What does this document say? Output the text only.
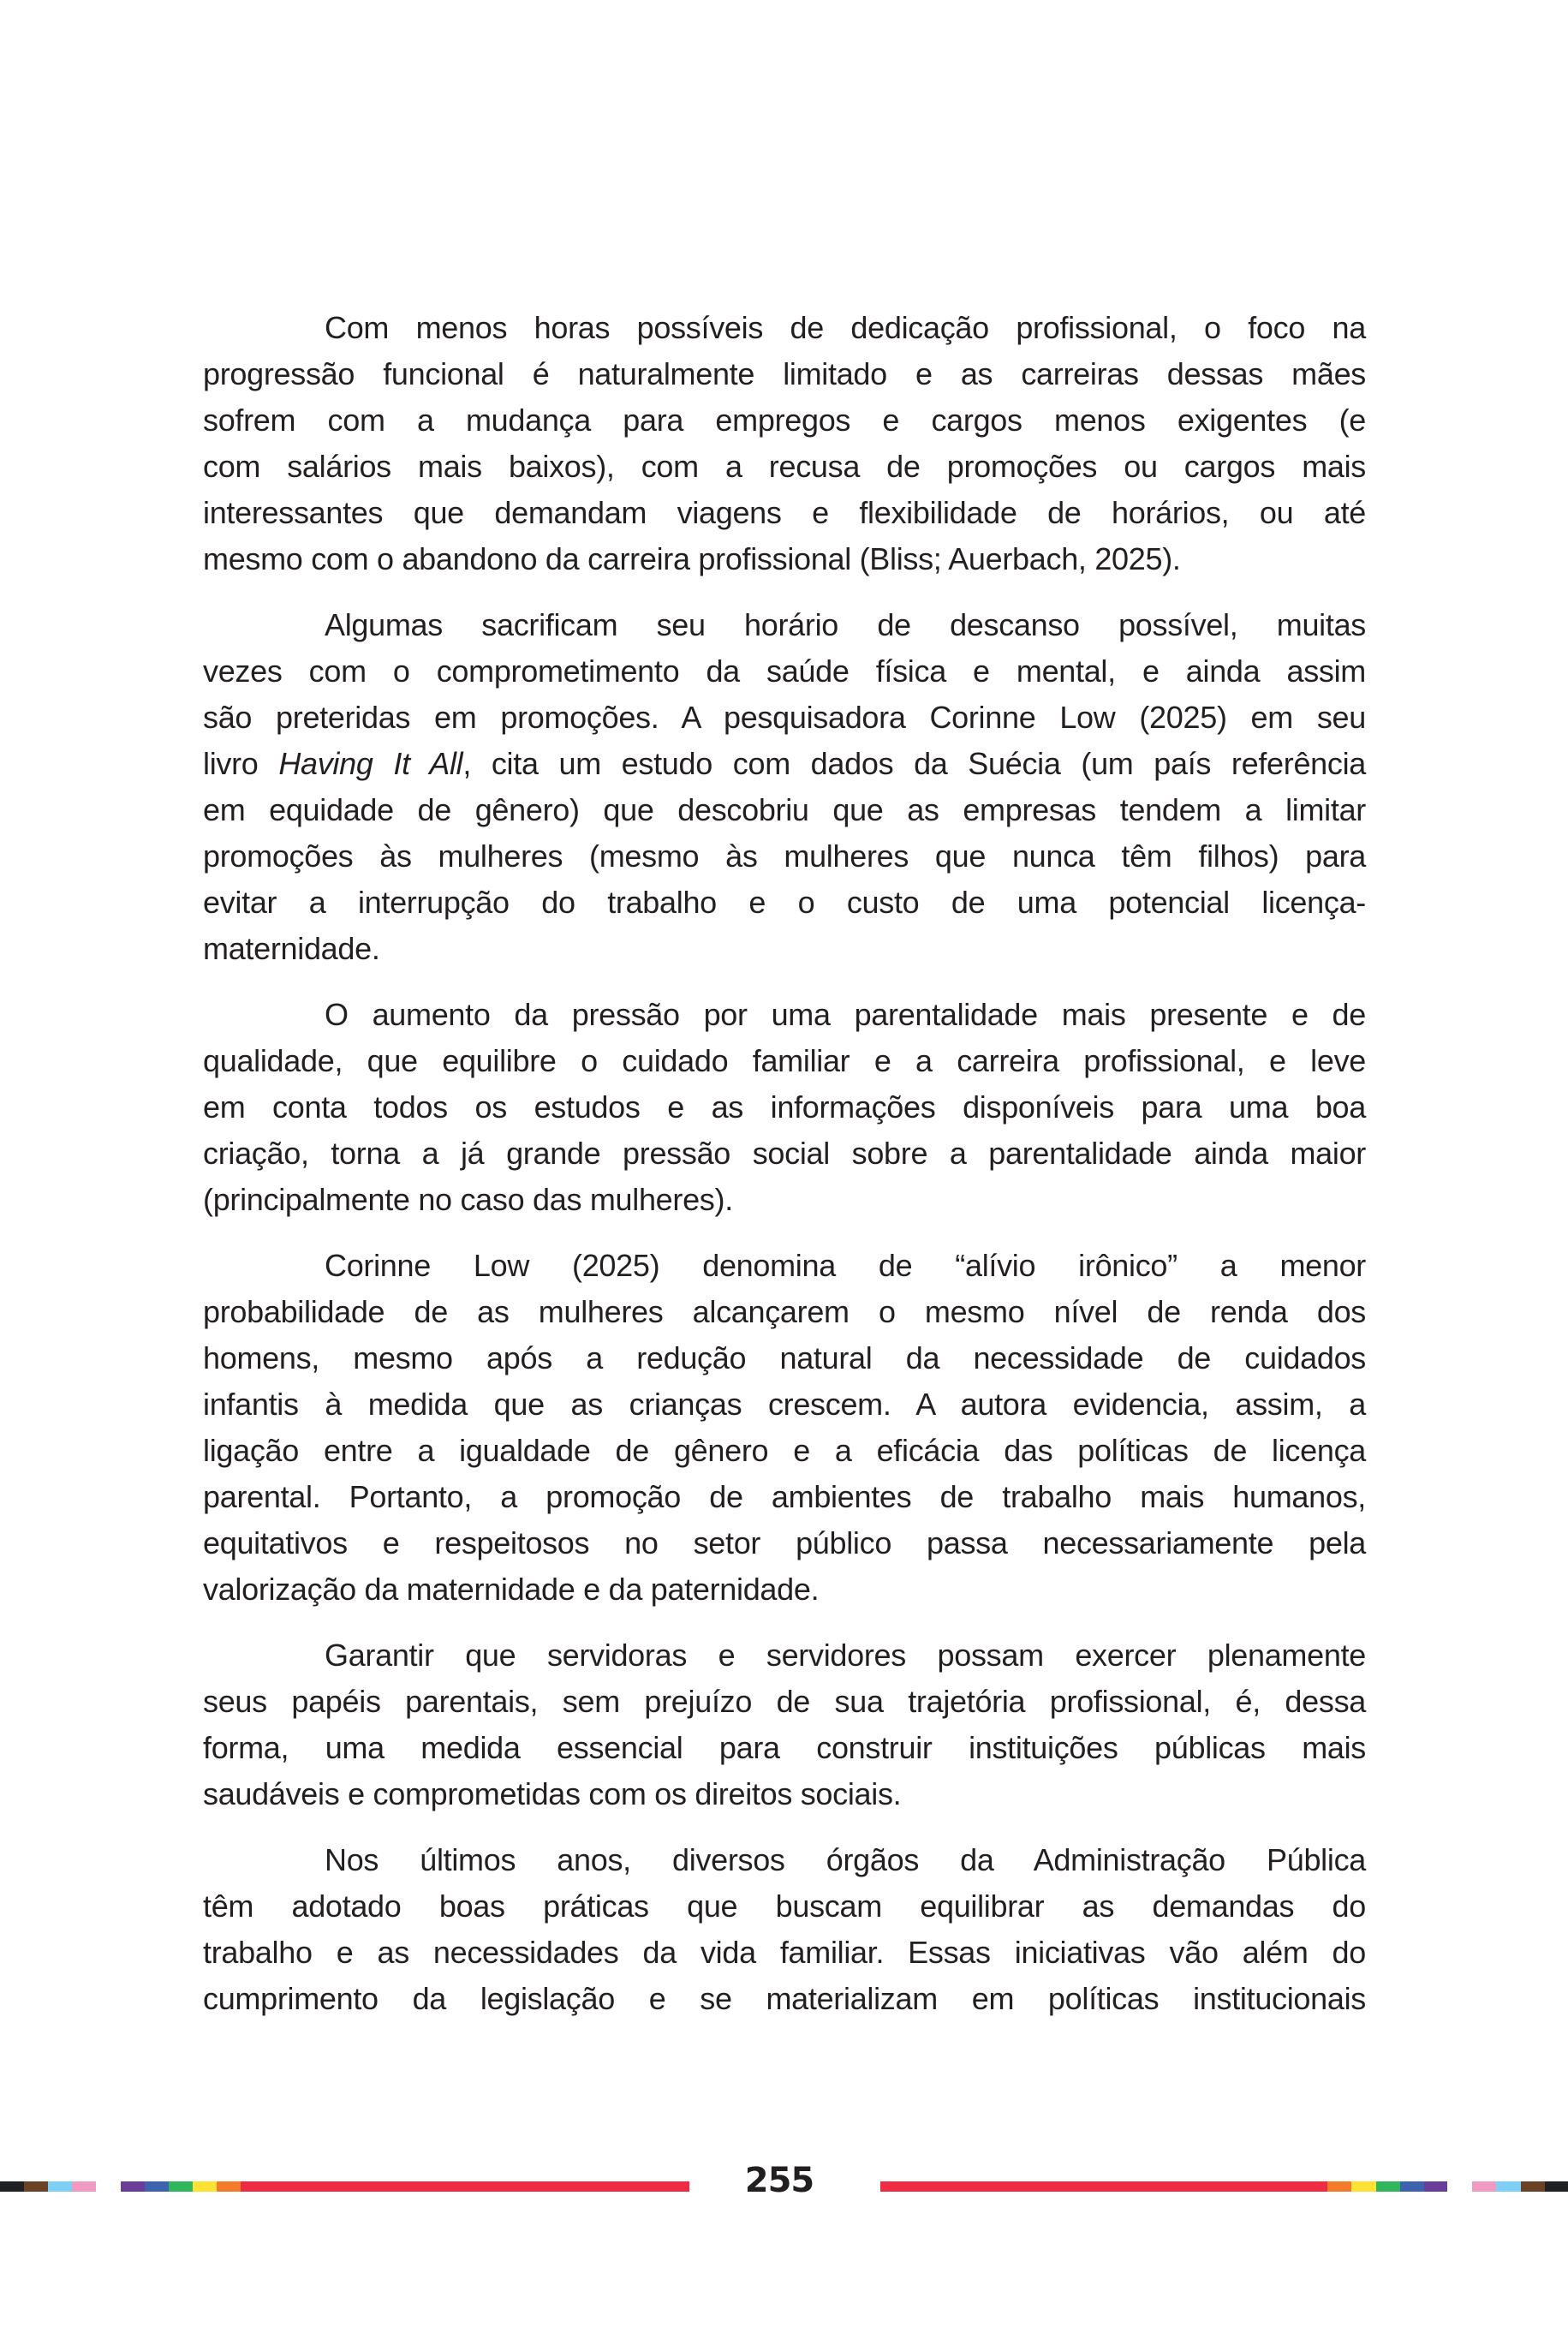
Com menos horas possíveis de dedicação profissional, o foco na
progressão funcional é naturalmente limitado e as carreiras dessas mães
sofrem com a mudança para empregos e cargos menos exigentes (e
com salários mais baixos), com a recusa de promoções ou cargos mais
interessantes que demandam viagens e flexibilidade de horários, ou até
mesmo com o abandono da carreira profissional (Bliss; Auerbach, 2025).
Algumas sacrificam seu horário de descanso possível, muitas
vezes com o comprometimento da saúde física e mental, e ainda assim
são preteridas em promoções. A pesquisadora Corinne Low (2025) em seu
livro Having It All, cita um estudo com dados da Suécia (um país referência
em equidade de gênero) que descobriu que as empresas tendem a limitar
promoções às mulheres (mesmo às mulheres que nunca têm filhos) para
evitar a interrupção do trabalho e o custo de uma potencial licença-
maternidade.
O aumento da pressão por uma parentalidade mais presente e de
qualidade, que equilibre o cuidado familiar e a carreira profissional, e leve
em conta todos os estudos e as informações disponíveis para uma boa
criação, torna a já grande pressão social sobre a parentalidade ainda maior
(principalmente no caso das mulheres).
Corinne Low (2025) denomina de “alívio irônico” a menor
probabilidade de as mulheres alcançarem o mesmo nível de renda dos
homens, mesmo após a redução natural da necessidade de cuidados
infantis à medida que as crianças crescem. A autora evidencia, assim, a
ligação entre a igualdade de gênero e a eficácia das políticas de licença
parental. Portanto, a promoção de ambientes de trabalho mais humanos,
equitativos e respeitosos no setor público passa necessariamente pela
valorização da maternidade e da paternidade.
Garantir que servidoras e servidores possam exercer plenamente
seus papéis parentais, sem prejuízo de sua trajetória profissional, é, dessa
forma, uma medida essencial para construir instituições públicas mais
saudáveis e comprometidas com os direitos sociais.
Nos últimos anos, diversos órgãos da Administração Pública
têm adotado boas práticas que buscam equilibrar as demandas do
trabalho e as necessidades da vida familiar. Essas iniciativas vão além do
cumprimento da legislação e se materializam em políticas institucionais
255
